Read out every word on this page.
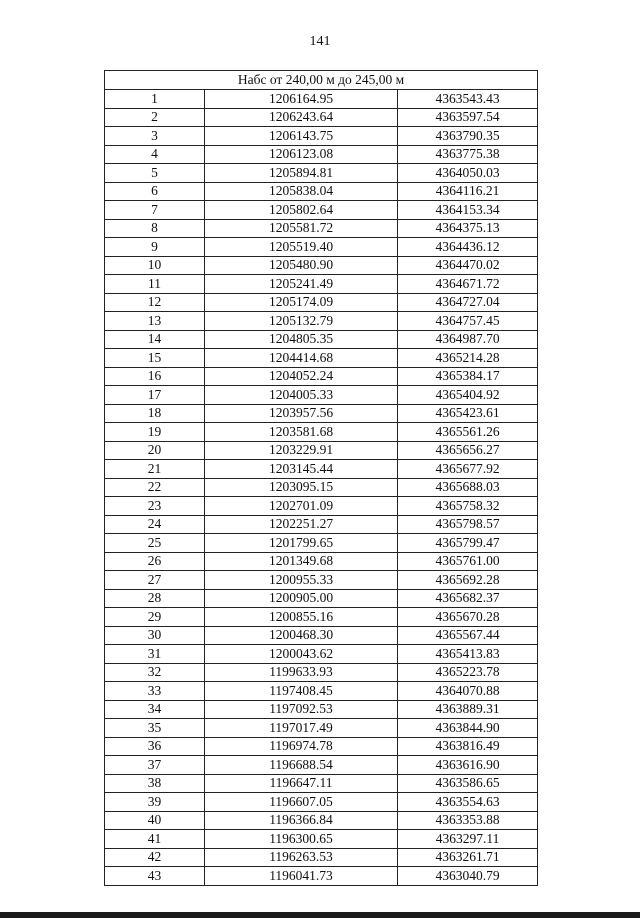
141
Набс от 240,00 м до 245,00 м		
1	1206164.95	4363543.43
2	1206243.64	4363597.54
3	1206143.75	4363790.35
4	1206123.08	4363775.38
5	1205894.81	4364050.03
6	1205838.04	4364116.21
7	1205802.64	4364153.34
8	1205581.72	4364375.13
9	1205519.40	4364436.12
10	1205480.90	4364470.02
11	1205241.49	4364671.72
12	1205174.09	4364727.04
13	1205132.79	4364757.45
14	1204805.35	4364987.70
15	1204414.68	4365214.28
16	1204052.24	4365384.17
17	1204005.33	4365404.92
18	1203957.56	4365423.61
19	1203581.68	4365561.26
20	1203229.91	4365656.27
21	1203145.44	4365677.92
22	1203095.15	4365688.03
23	1202701.09	4365758.32
24	1202251.27	4365798.57
25	1201799.65	4365799.47
26	1201349.68	4365761.00
27	1200955.33	4365692.28
28	1200905.00	4365682.37
29	1200855.16	4365670.28
30	1200468.30	4365567.44
31	1200043.62	4365413.83
32	1199633.93	4365223.78
33	1197408.45	4364070.88
34	1197092.53	4363889.31
35	1197017.49	4363844.90
36	1196974.78	4363816.49
37	1196688.54	4363616.90
38	1196647.11	4363586.65
39	1196607.05	4363554.63
40	1196366.84	4363353.88
41	1196300.65	4363297.11
42	1196263.53	4363261.71
43	1196041.73	4363040.79
